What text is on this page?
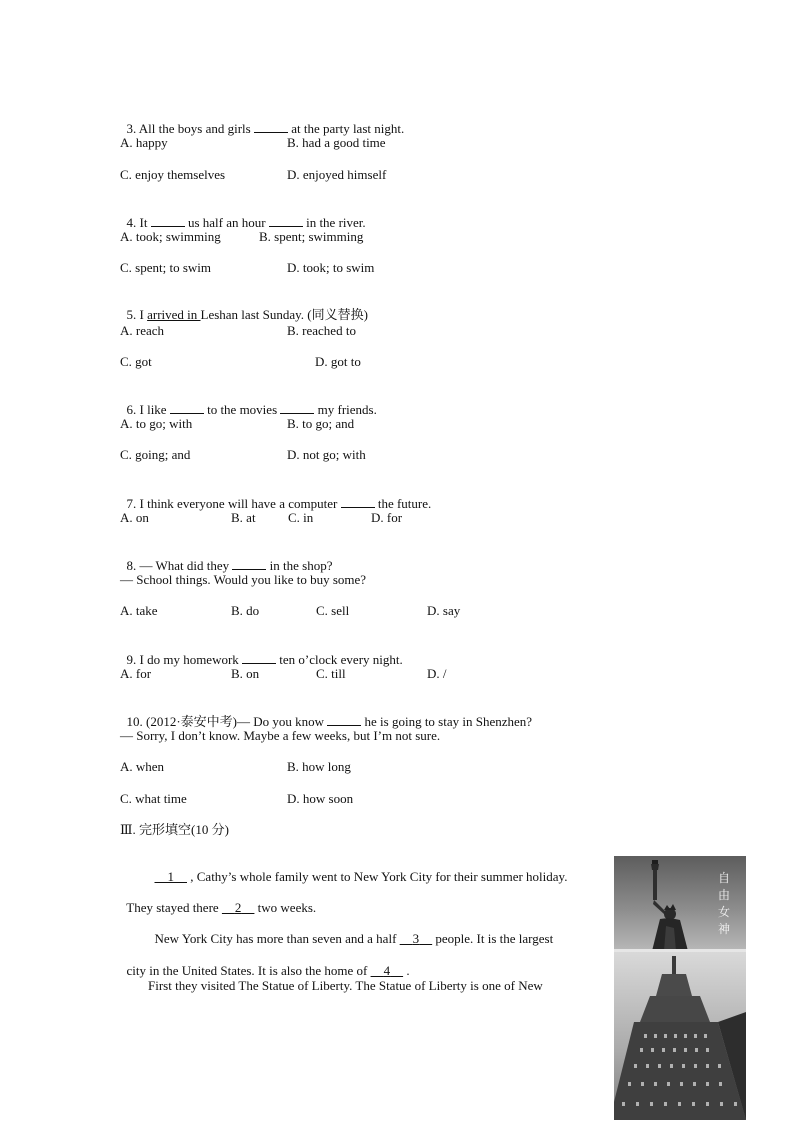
3. All the boys and girls	at the party last night.

A. happy	B. had a good time
C. enjoy themselves	D. enjoyed himself

4. It	us half an hour	in the river.

A. took; swimming	B. spent; swimming
C. spent; to swim	D. took; to swim

5. I arrived in Leshan last Sunday. (同义替换)

A. reach	B. reached to
C. got	D. got to

6. I like	to the movies	my friends.

A. to go; with	B. to go; and
C. going; and	D. not go; with

7. I think everyone will have a computer	the future.

A. on	B. at C. in	D. for

8. — What did they	in the shop?

— School things. Would you like to buy some?
A. take	B. do	C. sell	D. say

9. I do my homework	ten o’clock every night.

A. for	B. on	C. till	D. /

10. (2012·泰安中考)— Do you know	he is going to stay in Shenzhen?

— Sorry, I don’t know. Maybe a few weeks, but I’m not sure.
A. when	B. how long
C. what time	D. how soon
Ⅲ. 完形填空(10 分)

  1   , Cathy’s whole family went to New York City for their summer holiday.

They stayed there   2   two weeks.

New York City has more than seven and a half   3   people. It is the largest

city in the United States. It is also the home of   4   .

First they visited The Statue of Liberty. The Statue of Liberty is one of New
自由女神
